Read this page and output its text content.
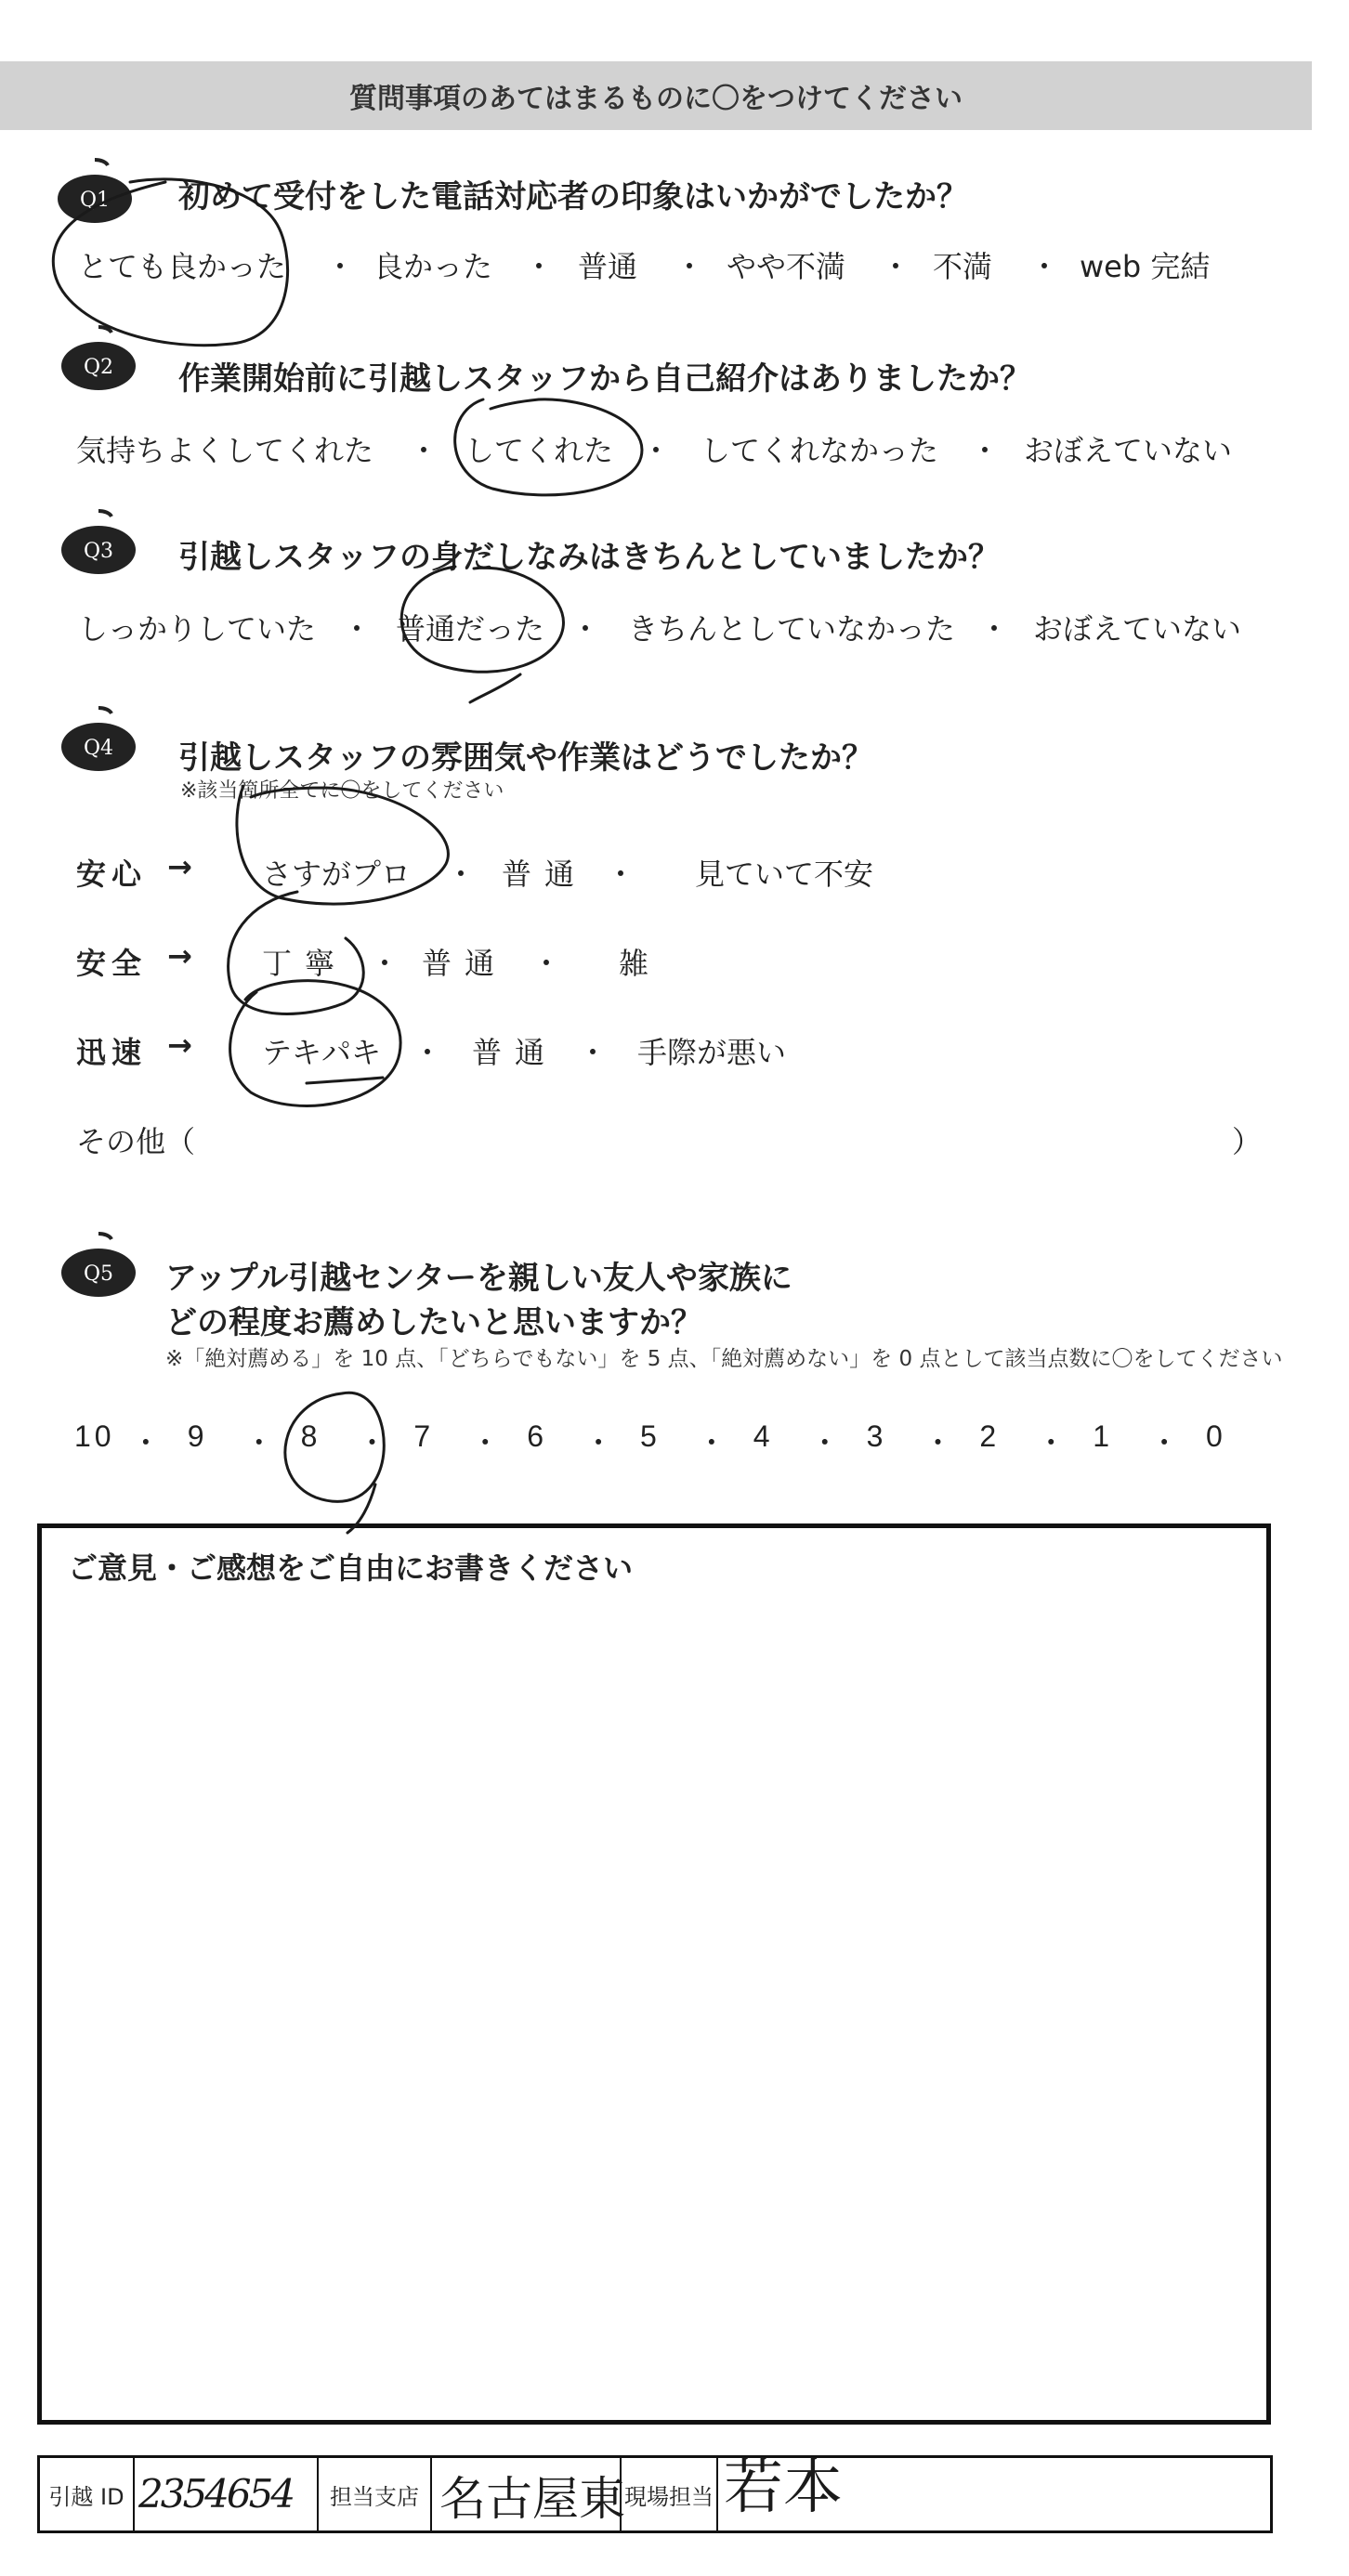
質問事項のあてはまるものに〇をつけてください
Q1 初めて受付をした電話対応者の印象はいかがでしたか？
とても良かった ・ 良かった ・ 普通 ・ やや不満 ・ 不満 ・ web 完結
Q2 作業開始前に引越しスタッフから自己紹介はありましたか？
気持ちよくしてくれた ・ してくれた ・ してくれなかった ・ おぼえていない
Q3 引越しスタッフの身だしなみはきちんとしていましたか？
しっかりしていた ・ 普通だった ・ きちんとしていなかった ・ おぼえていない
Q4 引越しスタッフの雰囲気や作業はどうでしたか？
※該当箇所全てに〇をしてください
安心 → さすがプロ ・ 普通 ・ 見ていて不安
安全 → 丁寧 ・ 普通 ・ 雑
迅速 → テキパキ ・ 普通 ・ 手際が悪い
その他（	）
Q5 アップル引越センターを親しい友人や家族に
どの程度お薦めしたいと思いますか？
※「絶対薦める」を 10 点、「どちらでもない」を 5 点、「絶対薦めない」を 0 点として該当点数に〇をしてください
10 ・ 9 ・ 8 ・ 7 ・ 6 ・ 5 ・ 4 ・ 3 ・ 2 ・ 1 ・ 0
ご意見・ご感想をご自由にお書きください
引越 ID 2354654	担当支店 名古屋東 現場担当 若本
